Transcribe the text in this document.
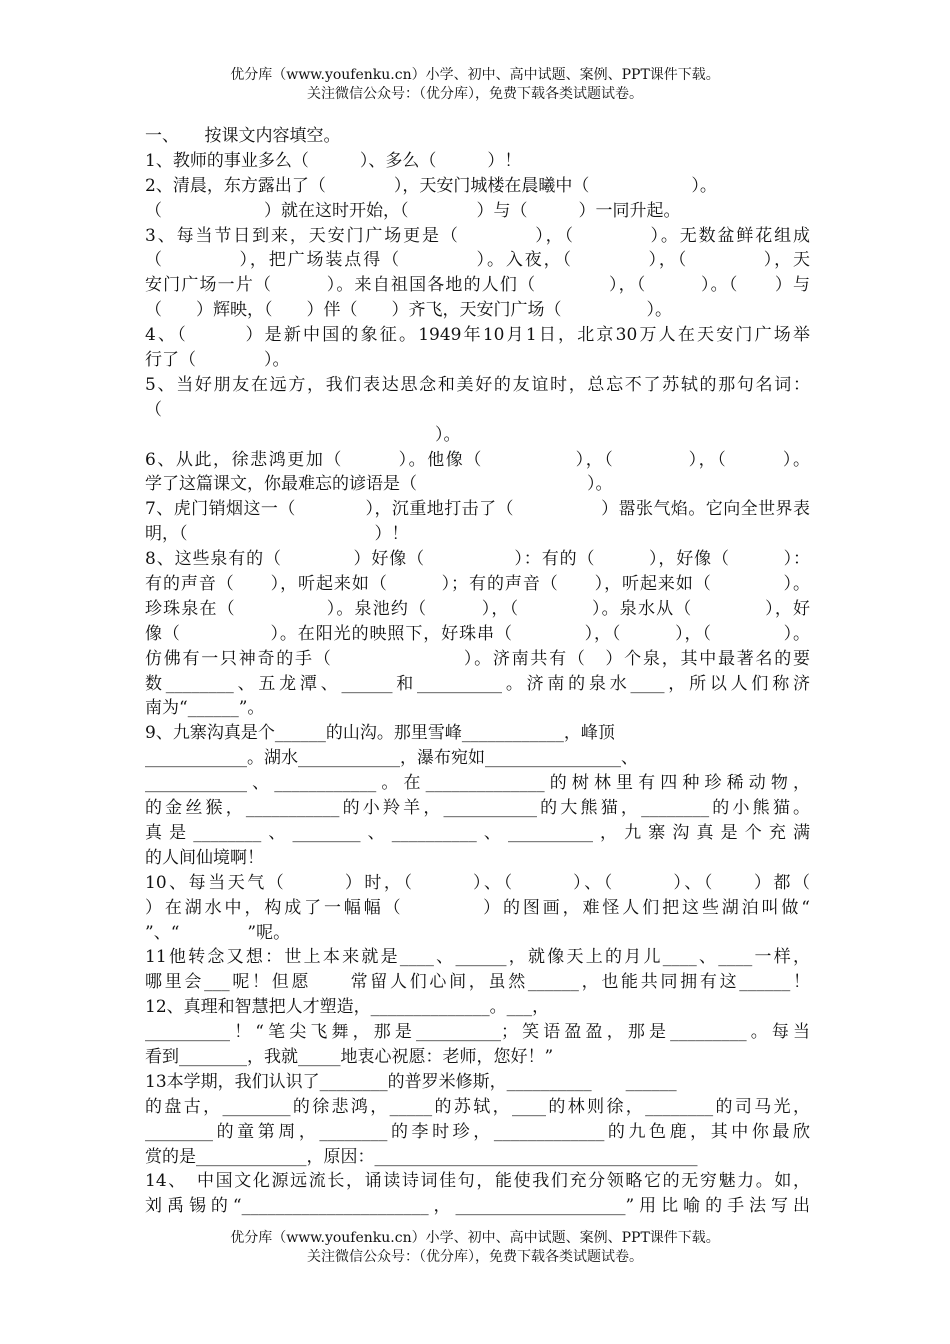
优分库（www.youfenku.cn）小学、初中、高中试题、案例、PPT课件下载。
关注微信公众号：（优分库），免费下载各类试题试卷。
一、　　按课文内容填空。
1、教师的事业多么（　　　）、多么（　　　）！
2、清晨，东方露出了（　　　　），天安门城楼在晨曦中（　　　　　　）。
（　　　　　　）就在这时开始，（　　　　）与（　　　）一同升起。
3、每当节日到来，天安门广场更是（　　　　），（　　　　）。无数盆鲜花组成
（　　　　），把广场装点得（　　　　）。入夜，（　　　　），（　　　　），天
安门广场一片（　　　）。来自祖国各地的人们（　　　　），（　　　）。（　　）与
（　　）辉映，（　　）伴（　　）齐飞，天安门广场（　　　　　）。
4、（　　　）是新中国的象征。1949年10月1日，北京30万人在天安门广场举
行了（　　　　）。
5、当好朋友在远方，我们表达思念和美好的友谊时，总忘不了苏轼的那句名词：
（
）。
6、从此，徐悲鸿更加（　　　）。他像（　　　　　），（　　　　），（　　　）。
学了这篇课文，你最难忘的谚语是（　　　　　　　　　　）。
7、虎门销烟这一（　　　　），沉重地打击了（　　　　　）嚣张气焰。它向全世界表
明，（　　　　　　　　　　　）！
8、这些泉有的（　　　　）好像（　　　　　）：有的（　　　），好像（　　　）：
有的声音（　　），听起来如（　　　）；有的声音（　　），听起来如（　　　　）。
珍珠泉在（　　　　　）。泉池约（　　　），（　　　　）。泉水从（　　　　），好
像（　　　　　）。在阳光的映照下，好珠串（　　　　），（　　　），（　　　　）。
仿佛有一只神奇的手（　　　　　　　）。济南共有（　）个泉，其中最著名的要
数________、五龙潭、______和__________。济南的泉水____，所以人们称济
南为“______”。
9、九寨沟真是个______的山沟。那里雪峰____________，峰顶
____________。湖水____________，瀑布宛如________________、
____________、____________。在______________的树林里有四种珍稀动物，
的金丝猴，___________的小羚羊，___________的大熊猫，________的小熊猫。
真是________、________、__________、__________，九寨沟真是个充满
的人间仙境啊！
10、每当天气（　　　）时，（　　　）、（　　　）、（　　　）、（　　）都（
）在湖水中，构成了一幅幅（　　　　）的图画，难怪人们把这些湖泊叫做“
”、“　　　　”呢。
11他转念又想：世上本来就是____、______，就像天上的月儿____、____一样，
哪里会___呢！但愿　　常留人们心间，虽然______，也能共同拥有这______！
12、真理和智慧把人才塑造，______________。___，
__________！“笔尖飞舞，那是__________；笑语盈盈，那是_________。每当
看到________，我就_____地衷心祝愿：老师，您好！”
13本学期，我们认识了________的普罗米修斯，__________　　______
的盘古，________的徐悲鸿，_____的苏轼，____的林则徐，________的司马光，
________的童第周，________的李时珍，_____________的九色鹿，其中你最欣
赏的是_____________，原因：______________________________________
14、　中国文化源远流长，诵读诗词佳句，能使我们充分领略它的无穷魅力。如，
刘禹锡的“______________________，____________________”用比喻的手法写出
优分库（www.youfenku.cn）小学、初中、高中试题、案例、PPT课件下载。
关注微信公众号：（优分库），免费下载各类试题试卷。
